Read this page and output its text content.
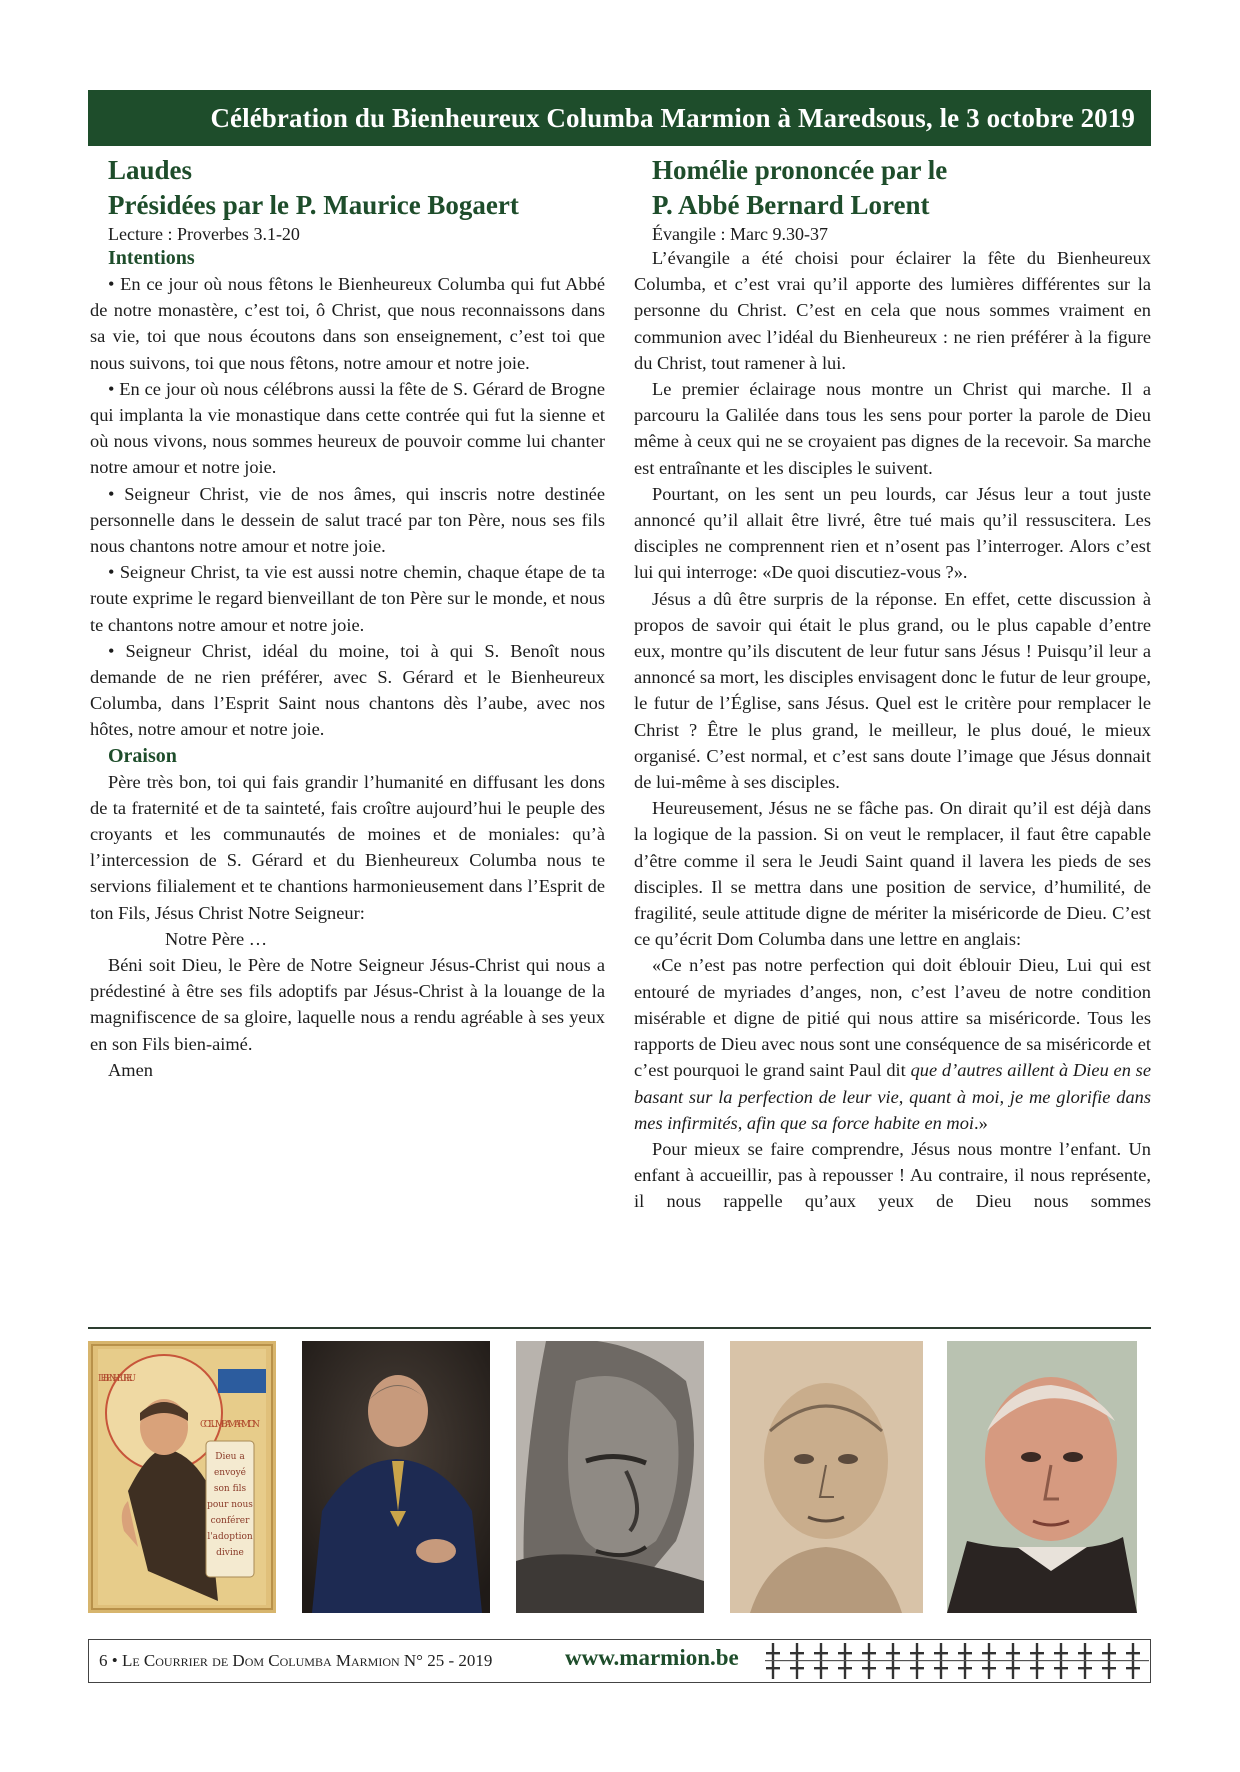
Célébration du Bienheureux Columba Marmion à Maredsous, le 3 octobre 2019
Laudes
Présidées par le P. Maurice Bogaert
Lecture : Proverbes 3.1-20
Intentions

• En ce jour où nous fêtons le Bienheureux Columba qui fut Abbé de notre monastère, c’est toi, ô Christ, que nous reconnaissons dans sa vie, toi que nous écoutons dans son enseignement, c’est toi que nous suivons, toi que nous fêtons, notre amour et notre joie.

• En ce jour où nous célébrons aussi la fête de S. Gérard de Brogne qui implanta la vie monastique dans cette contrée qui fut la sienne et où nous vivons, nous sommes heureux de pouvoir comme lui chanter notre amour et notre joie.

• Seigneur Christ, vie de nos âmes, qui inscris notre destinée personnelle dans le dessein de salut tracé par ton Père, nous ses fils nous chantons notre amour et notre joie.

• Seigneur Christ, ta vie est aussi notre chemin, chaque étape de ta route exprime le regard bienveillant de ton Père sur le monde, et nous te chantons notre amour et notre joie.

• Seigneur Christ, idéal du moine, toi à qui S. Benoît nous demande de ne rien préférer, avec S. Gérard et le Bienheureux Columba, dans l’Esprit Saint nous chantons dès l’aube, avec nos hôtes, notre amour et notre joie.

Oraison

Père très bon, toi qui fais grandir l’humanité en diffusant les dons de ta fraternité et de ta sainteté, fais croître aujourd’hui le peuple des croyants et les communautés de moines et de moniales: qu’à l’intercession de S. Gérard et du Bienheureux Columba nous te servions filialement et te chantions harmonieusement dans l’Esprit de ton Fils, Jésus Christ Notre Seigneur:

Notre Père …

Béni soit Dieu, le Père de Notre Seigneur Jésus-Christ qui nous a prédestiné à être ses fils adoptifs par Jésus-Christ à la louange de la magnifiscence de sa gloire, laquelle nous a rendu agréable à ses yeux en son Fils bien-aimé.

Amen

Homélie prononcée par le
P. Abbé Bernard Lorent
Évangile : Marc 9.30-37

L’évangile a été choisi pour éclairer la fête du Bienheureux Columba, et c’est vrai qu’il apporte des lumières différentes sur la personne du Christ. C’est en cela que nous sommes vraiment en communion avec l’idéal du Bienheureux : ne rien préférer à la figure du Christ, tout ramener à lui.

Le premier éclairage nous montre un Christ qui marche. Il a parcouru la Galilée dans tous les sens pour porter la parole de Dieu même à ceux qui ne se croyaient pas dignes de la recevoir. Sa marche est entraînante et les disciples le suivent.

Pourtant, on les sent un peu lourds, car Jésus leur a tout juste annoncé qu’il allait être livré, être tué mais qu’il ressuscitera. Les disciples ne comprennent rien et n’osent pas l’interroger. Alors c’est lui qui interroge: «De quoi discutiez-vous ?».

Jésus a dû être surpris de la réponse. En effet, cette discussion à propos de savoir qui était le plus grand, ou le plus capable d’entre eux, montre qu’ils discutent de leur futur sans Jésus ! Puisqu’il leur a annoncé sa mort, les disciples envisagent donc le futur de leur groupe, le futur de l’Église, sans Jésus. Quel est le critère pour remplacer le Christ ? Être le plus grand, le meilleur, le plus doué, le mieux organisé. C’est normal, et c’est sans doute l’image que Jésus donnait de lui-même à ses disciples.

Heureusement, Jésus ne se fâche pas. On dirait qu’il est déjà dans la logique de la passion. Si on veut le remplacer, il faut être capable d’être comme il sera le Jeudi Saint quand il lavera les pieds de ses disciples. Il se mettra dans une position de service, d’humilité, de fragilité, seule attitude digne de mériter la miséricorde de Dieu. C’est ce qu’écrit Dom Columba dans une lettre en anglais:

«Ce n’est pas notre perfection qui doit éblouir Dieu, Lui qui est entouré de myriades d’anges, non, c’est l’aveu de notre condition misérable et digne de pitié qui nous attire sa miséricorde. Tous les rapports de Dieu avec nous sont une conséquence de sa miséricorde et c’est pourquoi le grand saint Paul dit que d’autres aillent à Dieu en se basant sur la perfection de leur vie, quant à moi, je me glorifie dans mes infirmités, afin que sa force habite en moi.»

Pour mieux se faire comprendre, Jésus nous montre l’enfant. Un enfant à accueillir, pas à repousser ! Au contraire, il nous représente, il nous rappelle qu’aux yeux de Dieu nous sommes

LE BIEN HEU RE U
COLUMBA MARMION
Dieu a
envoyé
son fils
pour nous
conférer
l'adoption
divine
6 • Le Courrier de Dom Columba Marmion N° 25 - 2019	www.marmion.be
